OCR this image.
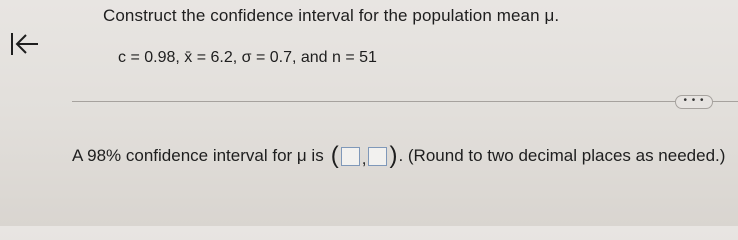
Construct the confidence interval for the population mean μ.
c = 0.98, x̄ = 6.2, σ = 0.7, and n = 51
• • •
A 98% confidence interval for μ is ( , ) . (Round to two decimal places as needed.)
